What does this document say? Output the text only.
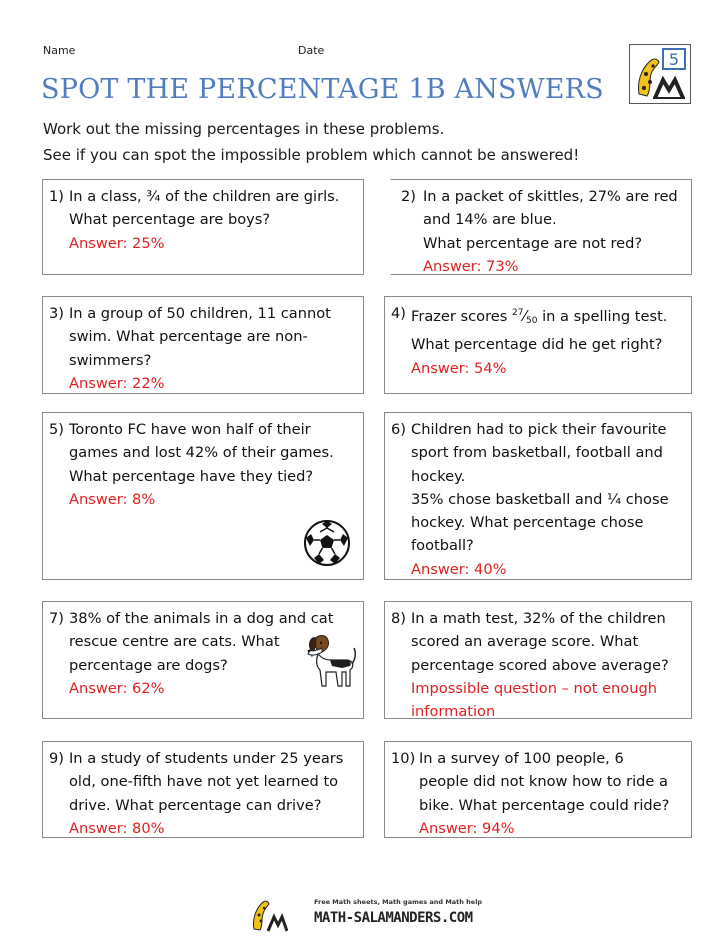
Name	Date	5
SPOT THE PERCENTAGE 1B ANSWERS
Work out the missing percentages in these problems.
See if you can spot the impossible problem which cannot be answered!
1) In a class, ¾ of the children are girls.
What percentage are boys?
Answer: 25%
2) In a packet of skittles, 27% are red
and 14% are blue.
What percentage are not red?
Answer: 73%
3) In a group of 50 children, 11 cannot
swim. What percentage are non-
swimmers?
Answer: 22%
4) Frazer scores $^{27}⁄_{50}$ in a spelling test.
What percentage did he get right?
Answer: 54%
5) Toronto FC have won half of their
games and lost 42% of their games.
What percentage have they tied?
Answer: 8%
6) Children had to pick their favourite
sport from basketball, football and
hockey.
35% chose basketball and ¼ chose
hockey. What percentage chose
football?
Answer: 40%
7) 38% of the animals in a dog and cat
rescue centre are cats. What
percentage are dogs?
Answer: 62%
8) In a math test, 32% of the children
scored an average score. What
percentage scored above average?
Impossible question – not enough
information
9) In a study of students under 25 years
old, one-fifth have not yet learned to
drive. What percentage can drive?
Answer: 80%
10) In a survey of 100 people, 6
people did not know how to ride a
bike. What percentage could ride?
Answer: 94%
Free Math sheets, Math games and Math help
MATH-SALAMANDERS.COM
